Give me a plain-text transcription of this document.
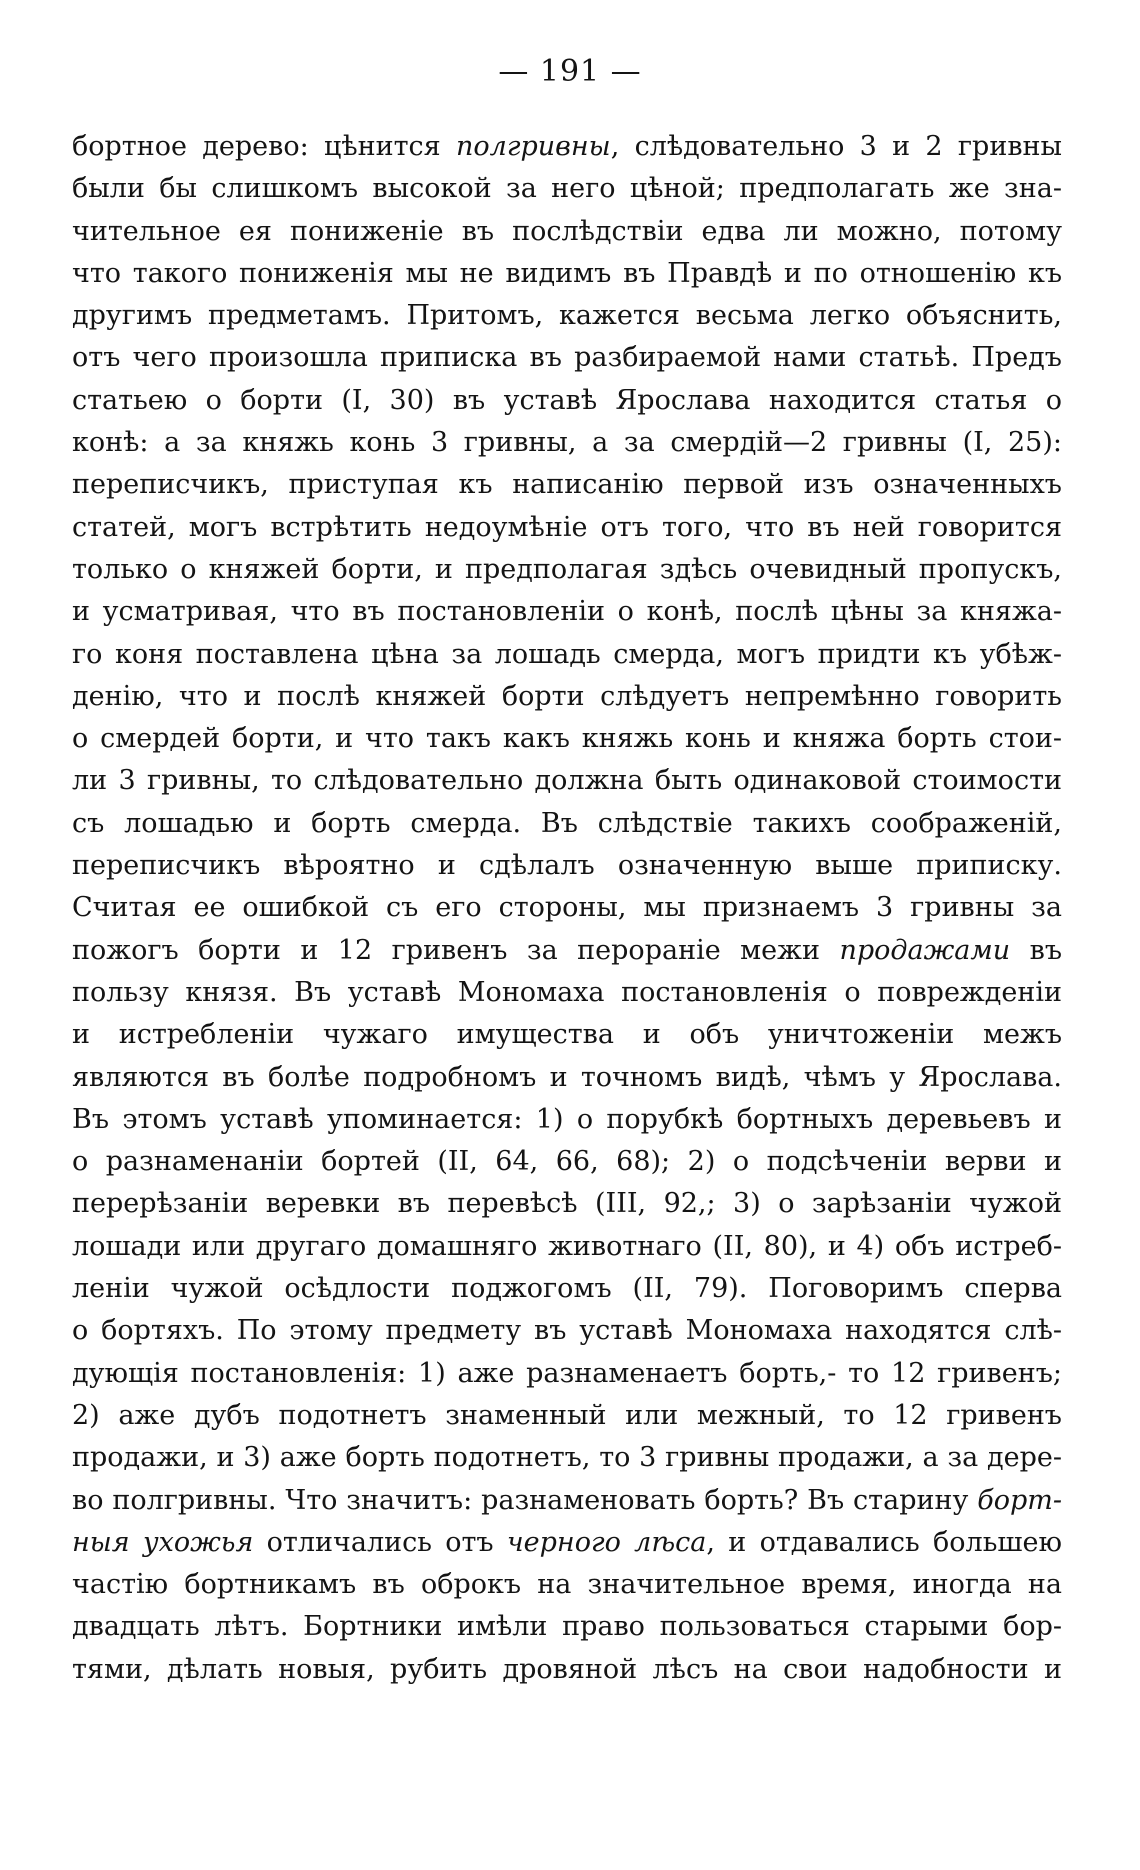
— 191 —
бортное дерево: цѣнится полгривны, слѣдовательно 3 и 2 гривны
были бы слишкомъ высокой за него цѣной; предполагать же зна-
чительное ея пониженіе въ послѣдствіи едва ли можно, потому
что такого пониженія мы не видимъ въ Правдѣ и по отношенію къ
другимъ предметамъ. Притомъ, кажется весьма легко объяснить,
отъ чего произошла приписка въ разбираемой нами статьѣ. Предъ
статьею о борти (I, 30) въ уставѣ Ярослава находится статья о
конѣ: а за княжь конь 3 гривны, а за смердій—2 гривны (I, 25):
переписчикъ, приступая къ написанію первой изъ означенныхъ
статей, могъ встрѣтить недоумѣніе отъ того, что въ ней говорится
только о княжей борти, и предполагая здѣсь очевидный пропускъ,
и усматривая, что въ постановленіи о конѣ, послѣ цѣны за княжа-
го коня поставлена цѣна за лошадь смерда, могъ придти къ убѣж-
денію, что и послѣ княжей борти слѣдуетъ непремѣнно говорить
о смердей борти, и что такъ какъ княжь конь и княжа борть стои-
ли 3 гривны, то слѣдовательно должна быть одинаковой стоимости
съ лошадью и борть смерда. Въ слѣдствіе такихъ соображеній,
переписчикъ вѣроятно и сдѣлалъ означенную выше приписку.
Считая ее ошибкой съ его стороны, мы признаемъ 3 гривны за
пожогъ борти и 12 гривенъ за перораніе межи продажами въ
пользу князя. Въ уставѣ Мономаха постановленія о поврежденіи
и истребленіи чужаго имущества и объ уничтоженіи межъ
являются въ болѣе подробномъ и точномъ видѣ, чѣмъ у Ярослава.
Въ этомъ уставѣ упоминается: 1) о порубкѣ бортныхъ деревьевъ и
о разнаменаніи бортей (II, 64, 66, 68); 2) о подсѣченіи верви и
перерѣзаніи веревки въ перевѣсѣ (III, 92,; 3) о зарѣзаніи чужой
лошади или другаго домашняго животнаго (II, 80), и 4) объ истреб-
леніи чужой осѣдлости поджогомъ (II, 79). Поговоримъ сперва
о бортяхъ. По этому предмету въ уставѣ Мономаха находятся слѣ-
дующія постановленія: 1) аже разнаменаетъ борть,- то 12 гривенъ;
2) аже дубъ подотнетъ знаменный или межный, то 12 гривенъ
продажи, и 3) аже борть подотнетъ, то 3 гривны продажи, а за дере-
во полгривны. Что значитъ: разнаменовать борть? Въ старину борт-
ныя ухожья отличались отъ черного лѣса, и отдавались большею
частію бортникамъ въ оброкъ на значительное время, иногда на
двадцать лѣтъ. Бортники имѣли право пользоваться старыми бор-
тями, дѣлать новыя, рубить дровяной лѣсъ на свои надобности и
